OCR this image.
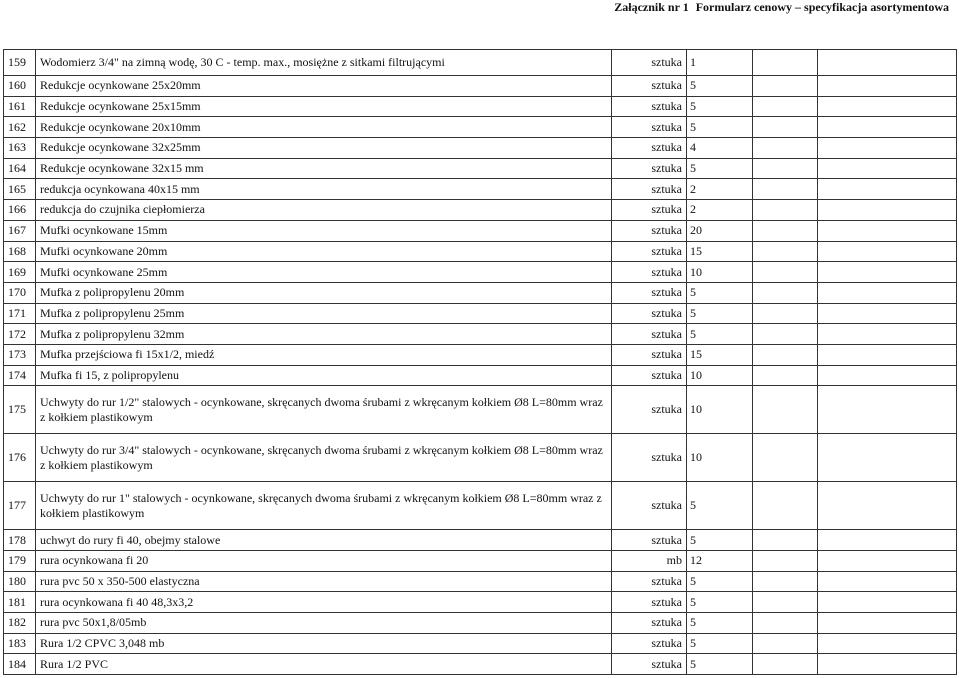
Załącznik nr 1 Formularz cenowy – specyfikacja asortymentowa
159	Wodomierz 3/4" na zimną wodę, 30 C - temp. max., mosiężne z sitkami filtrującymi	sztuka	1		
160	Redukcje ocynkowane 25x20mm	sztuka	5		
161	Redukcje ocynkowane 25x15mm	sztuka	5		
162	Redukcje ocynkowane 20x10mm	sztuka	5		
163	Redukcje ocynkowane 32x25mm	sztuka	4		
164	Redukcje ocynkowane 32x15 mm	sztuka	5		
165	redukcja ocynkowana 40x15 mm	sztuka	2		
166	redukcja do czujnika ciepłomierza	sztuka	2		
167	Mufki ocynkowane 15mm	sztuka	20		
168	Mufki ocynkowane 20mm	sztuka	15		
169	Mufki ocynkowane 25mm	sztuka	10		
170	Mufka z polipropylenu 20mm	sztuka	5		
171	Mufka z polipropylenu 25mm	sztuka	5		
172	Mufka z polipropylenu 32mm	sztuka	5		
173	Mufka przejściowa fi 15x1/2, miedź	sztuka	15		
174	Mufka fi 15, z polipropylenu	sztuka	10		
175	Uchwyty do rur 1/2" stalowych - ocynkowane, skręcanych dwoma śrubami z wkręcanym kołkiem Ø8 L=80mm wraz z kołkiem plastikowym	sztuka	10		
176	Uchwyty do rur 3/4" stalowych - ocynkowane, skręcanych dwoma śrubami z wkręcanym kołkiem Ø8 L=80mm wraz z kołkiem plastikowym	sztuka	10		
177	Uchwyty do rur 1" stalowych - ocynkowane, skręcanych dwoma śrubami z wkręcanym kołkiem Ø8 L=80mm wraz z kołkiem plastikowym	sztuka	5		
178	uchwyt do rury fi 40, obejmy stalowe	sztuka	5		
179	rura ocynkowana fi 20	mb	12		
180	rura pvc 50 x 350-500 elastyczna	sztuka	5		
181	rura ocynkowana fi 40 48,3x3,2	sztuka	5		
182	rura pvc 50x1,8/05mb	sztuka	5		
183	Rura 1/2 CPVC 3,048 mb	sztuka	5		
184	Rura 1/2 PVC	sztuka	5		
